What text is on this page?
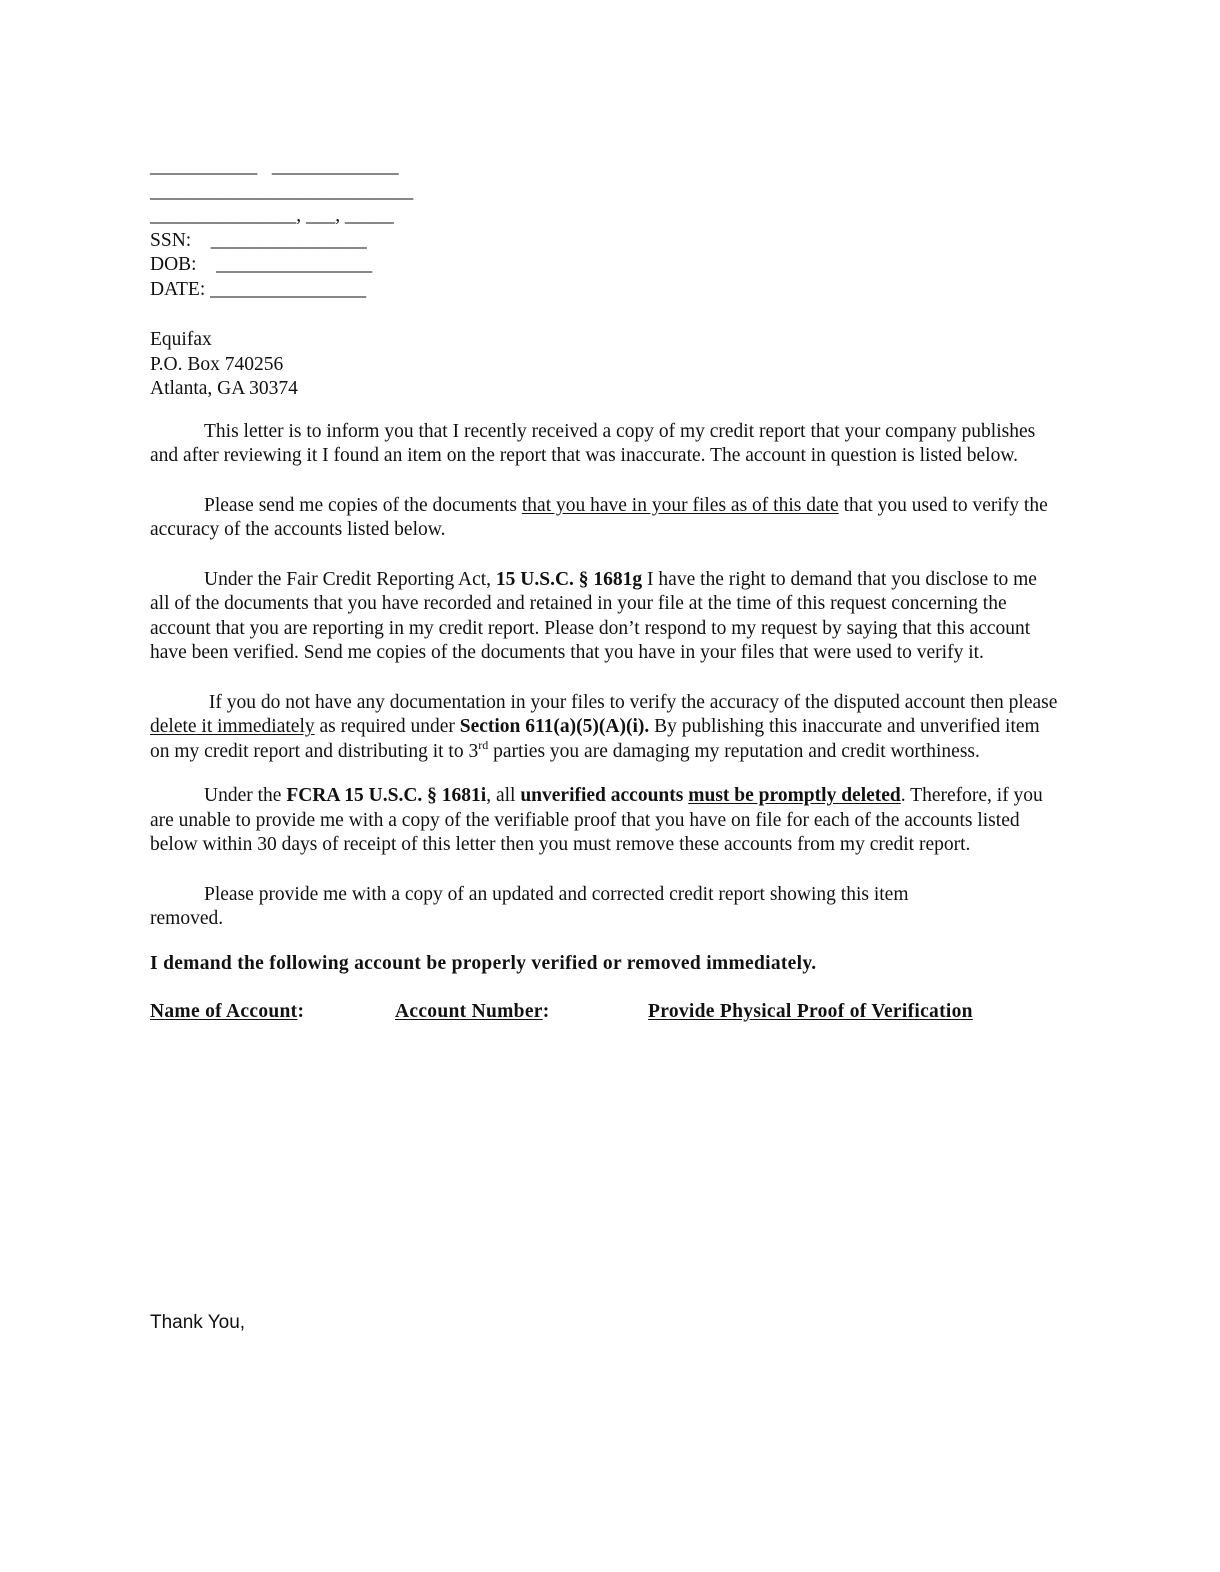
___________   _____________
___________________________
_______________, ___, _____
SSN: ________________
DOB: ________________
DATE: ________________
Equifax
P.O. Box 740256
Atlanta, GA 30374

This letter is to inform you that I recently received a copy of my credit report that your company publishes and after reviewing it I found an item on the report that was inaccurate. The account in question is listed below.

Please send me copies of the documents that you have in your files as of this date that you used to verify the accuracy of the accounts listed below.

Under the Fair Credit Reporting Act, 15 U.S.C. § 1681g I have the right to demand that you disclose to me all of the documents that you have recorded and retained in your file at the time of this request concerning the account that you are reporting in my credit report. Please don’t respond to my request by saying that this account have been verified. Send me copies of the documents that you have in your files that were used to verify it.

If you do not have any documentation in your files to verify the accuracy of the disputed account then please delete it immediately as required under Section 611(a)(5)(A)(i). By publishing this inaccurate and unverified item on my credit report and distributing it to 3rd parties you are damaging my reputation and credit worthiness.

Under the FCRA 15 U.S.C. § 1681i, all unverified accounts must be promptly deleted. Therefore, if you are unable to provide me with a copy of the verifiable proof that you have on file for each of the accounts listed below within 30 days of receipt of this letter then you must remove these accounts from my credit report.

Please provide me with a copy of an updated and corrected credit report showing this item removed.

I demand the following account be properly verified or removed immediately.
Name of Account:	Account Number:	Provide Physical Proof of Verification
Thank You,
